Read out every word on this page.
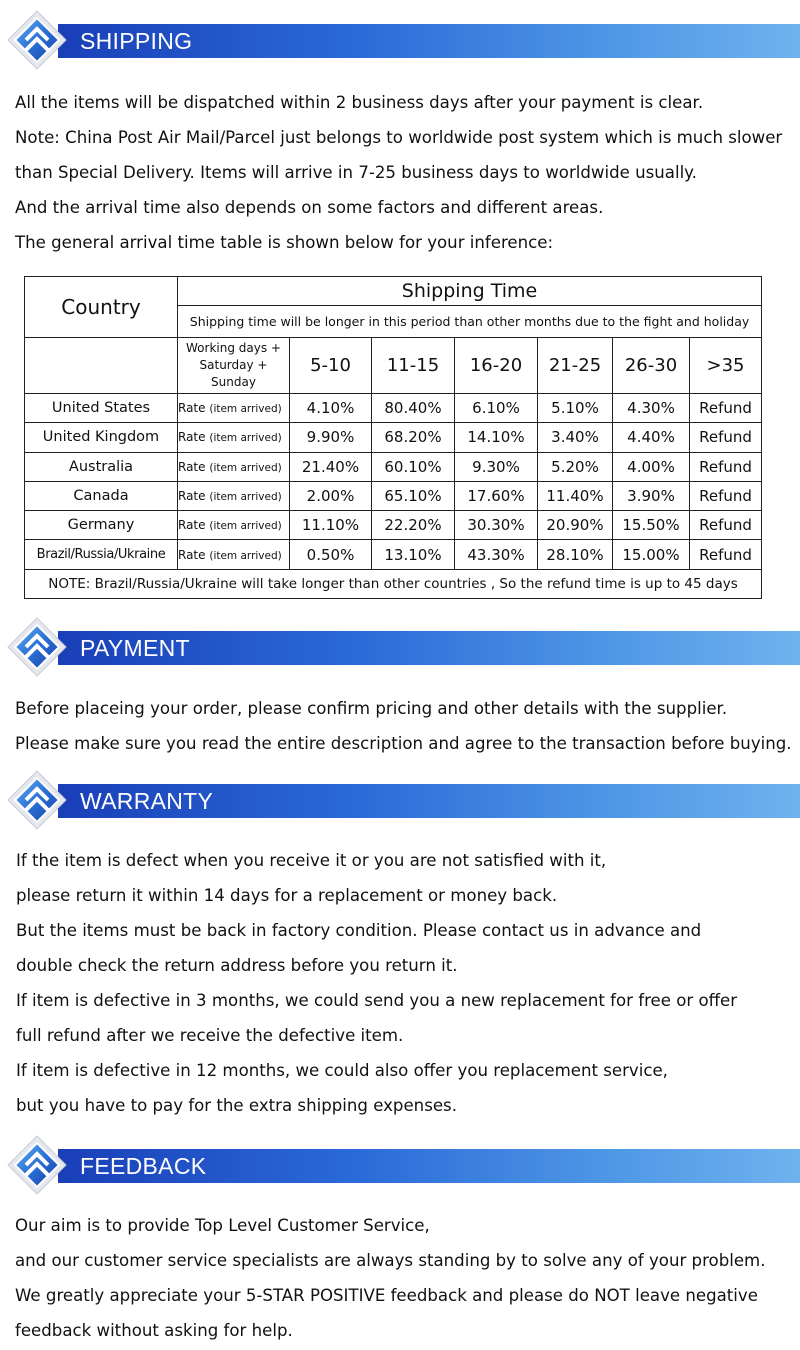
SHIPPING
All the items will be dispatched within 2 business days after your payment is clear.
Note: China Post Air Mail/Parcel just belongs to worldwide post system which is much slower
than Special Delivery. Items will arrive in 7-25 business days to worldwide usually.
And the arrival time also depends on some factors and different areas.
The general arrival time table is shown below for your inference:
Country	Shipping Time						
	Shipping time will be longer in this period than other months due to the fight and holiday						

	Working days +
Saturday +
Sunday	5-10	11-15	16-20	21-25	26-30	>35
United States	Rate (item arrived)	4.10%	80.40%	6.10%	5.10%	4.30%	Refund
United Kingdom	Rate (item arrived)	9.90%	68.20%	14.10%	3.40%	4.40%	Refund
Australia	Rate (item arrived)	21.40%	60.10%	9.30%	5.20%	4.00%	Refund
Canada	Rate (item arrived)	2.00%	65.10%	17.60%	11.40%	3.90%	Refund
Germany	Rate (item arrived)	11.10%	22.20%	30.30%	20.90%	15.50%	Refund
Brazil/Russia/Ukraine	Rate (item arrived)	0.50%	13.10%	43.30%	28.10%	15.00%	Refund
NOTE: Brazil/Russia/Ukraine will take longer than other countries , So the refund time is up to 45 days							
PAYMENT
Before placeing your order, please confirm pricing and other details with the supplier.
Please make sure you read the entire description and agree to the transaction before buying.
WARRANTY
If the item is defect when you receive it or you are not satisfied with it,
please return it within 14 days for a replacement or money back.
But the items must be back in factory condition. Please contact us in advance and
double check the return address before you return it.
If item is defective in 3 months, we could send you a new replacement for free or offer
full refund after we receive the defective item.
If item is defective in 12 months, we could also offer you replacement service,
but you have to pay for the extra shipping expenses.
FEEDBACK
Our aim is to provide Top Level Customer Service,
and our customer service specialists are always standing by to solve any of your problem.
We greatly appreciate your 5-STAR POSITIVE feedback and please do NOT leave negative
feedback without asking for help.
